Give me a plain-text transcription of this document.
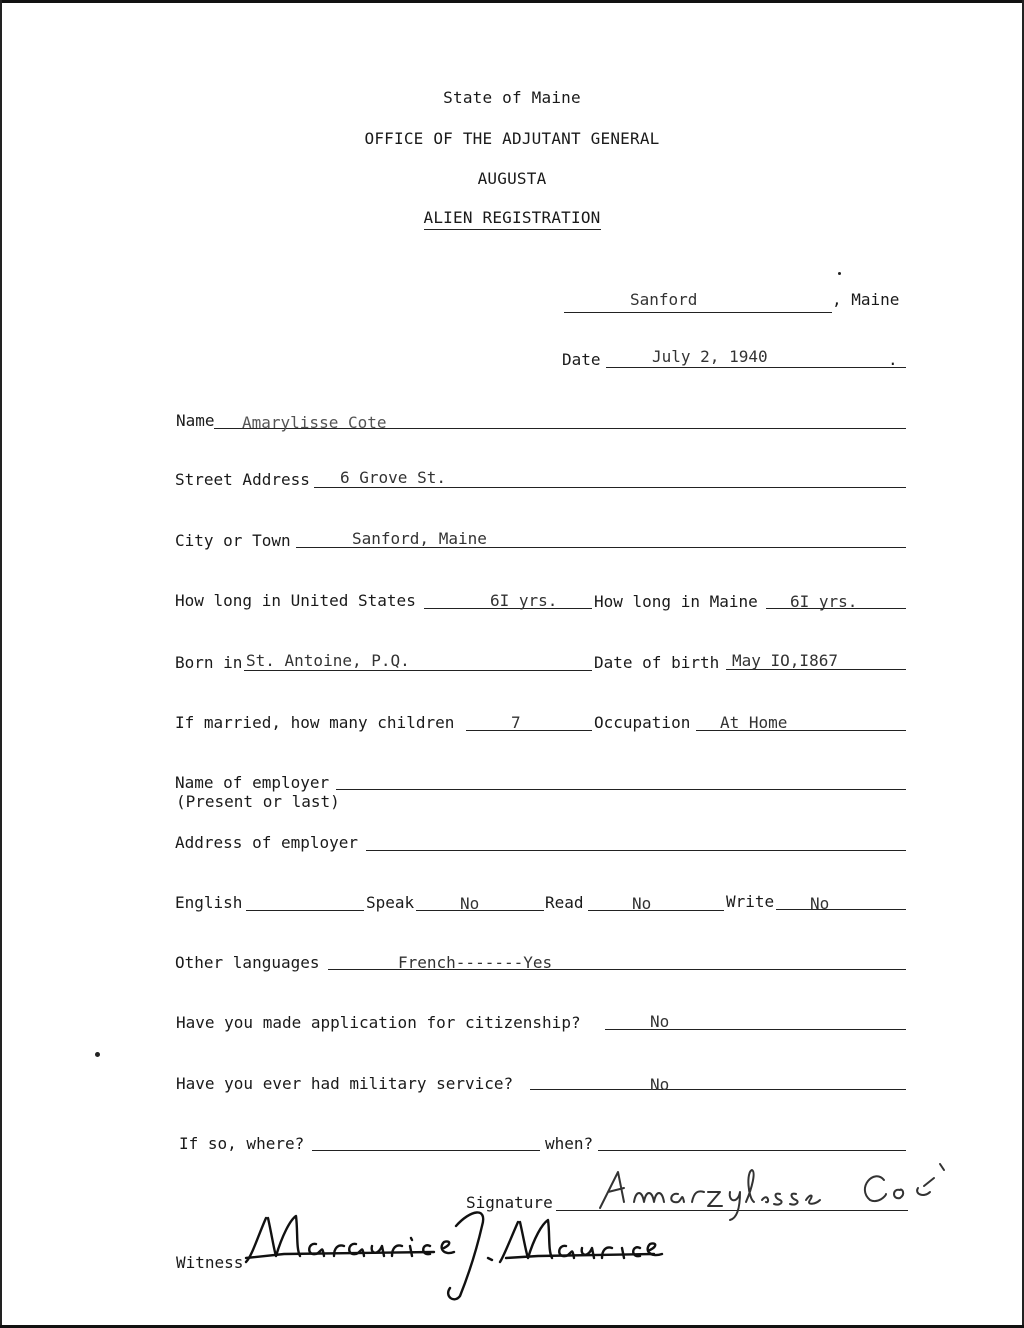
State of Maine
OFFICE OF THE ADJUTANT GENERAL
AUGUSTA
ALIEN REGISTRATION
Sanford	, Maine
Date	July 2, 1940	.
Name Amarylisse Cote
Street Address 6 Grove St.
City or Town	Sanford, Maine
How long in United States	6I yrs. How long in Maine 6I yrs.
Born in St. Antoine, P.Q.	Date of birth May IO,I867
If married, how many children	7	Occupation At Home
Name of employer
(Present or last)
Address of employer
English	Speak	No	Read	No	Write No
Other languages	French-------Yes
Have you made application for citizenship?	No
Have you ever had military service?	No
If so, where?	when?
Signature
Witness
